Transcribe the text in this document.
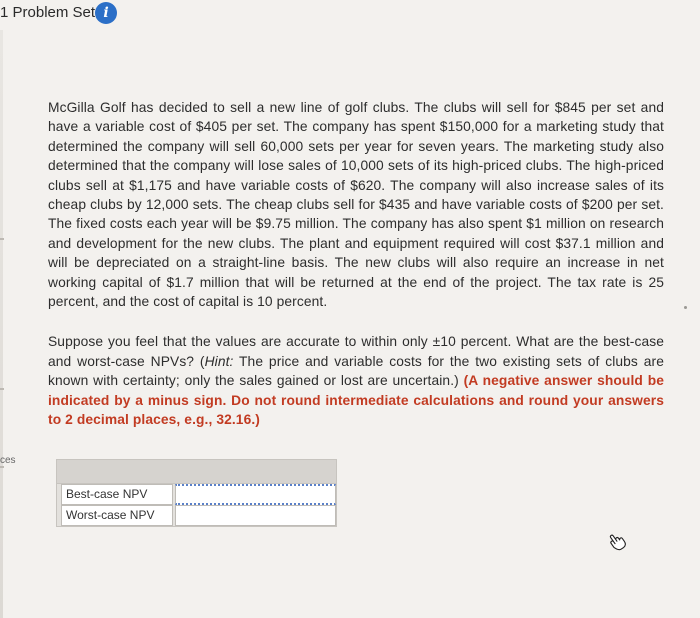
1 Problem Set i
ces

McGilla Golf has decided to sell a new line of golf clubs. The clubs will sell for $845 per set and have a variable cost of $405 per set. The company has spent $150,000 for a marketing study that determined the company will sell 60,000 sets per year for seven years. The marketing study also determined that the company will lose sales of 10,000 sets of its high-priced clubs. The high-priced clubs sell at $1,175 and have variable costs of $620. The company will also increase sales of its cheap clubs by 12,000 sets. The cheap clubs sell for $435 and have variable costs of $200 per set. The fixed costs each year will be $9.75 million. The company has also spent $1 million on research and development for the new clubs. The plant and equipment required will cost $37.1 million and will be depreciated on a straight-line basis. The new clubs will also require an increase in net working capital of $1.7 million that will be returned at the end of the project. The tax rate is 25 percent, and the cost of capital is 10 percent.

Suppose you feel that the values are accurate to within only ±10 percent. What are the best-case and worst-case NPVs? (Hint: The price and variable costs for the two existing sets of clubs are known with certainty; only the sales gained or lost are uncertain.) (A negative answer should be indicated by a minus sign. Do not round intermediate calculations and round your answers to 2 decimal places, e.g., 32.16.)

Best-case NPV
Worst-case NPV
